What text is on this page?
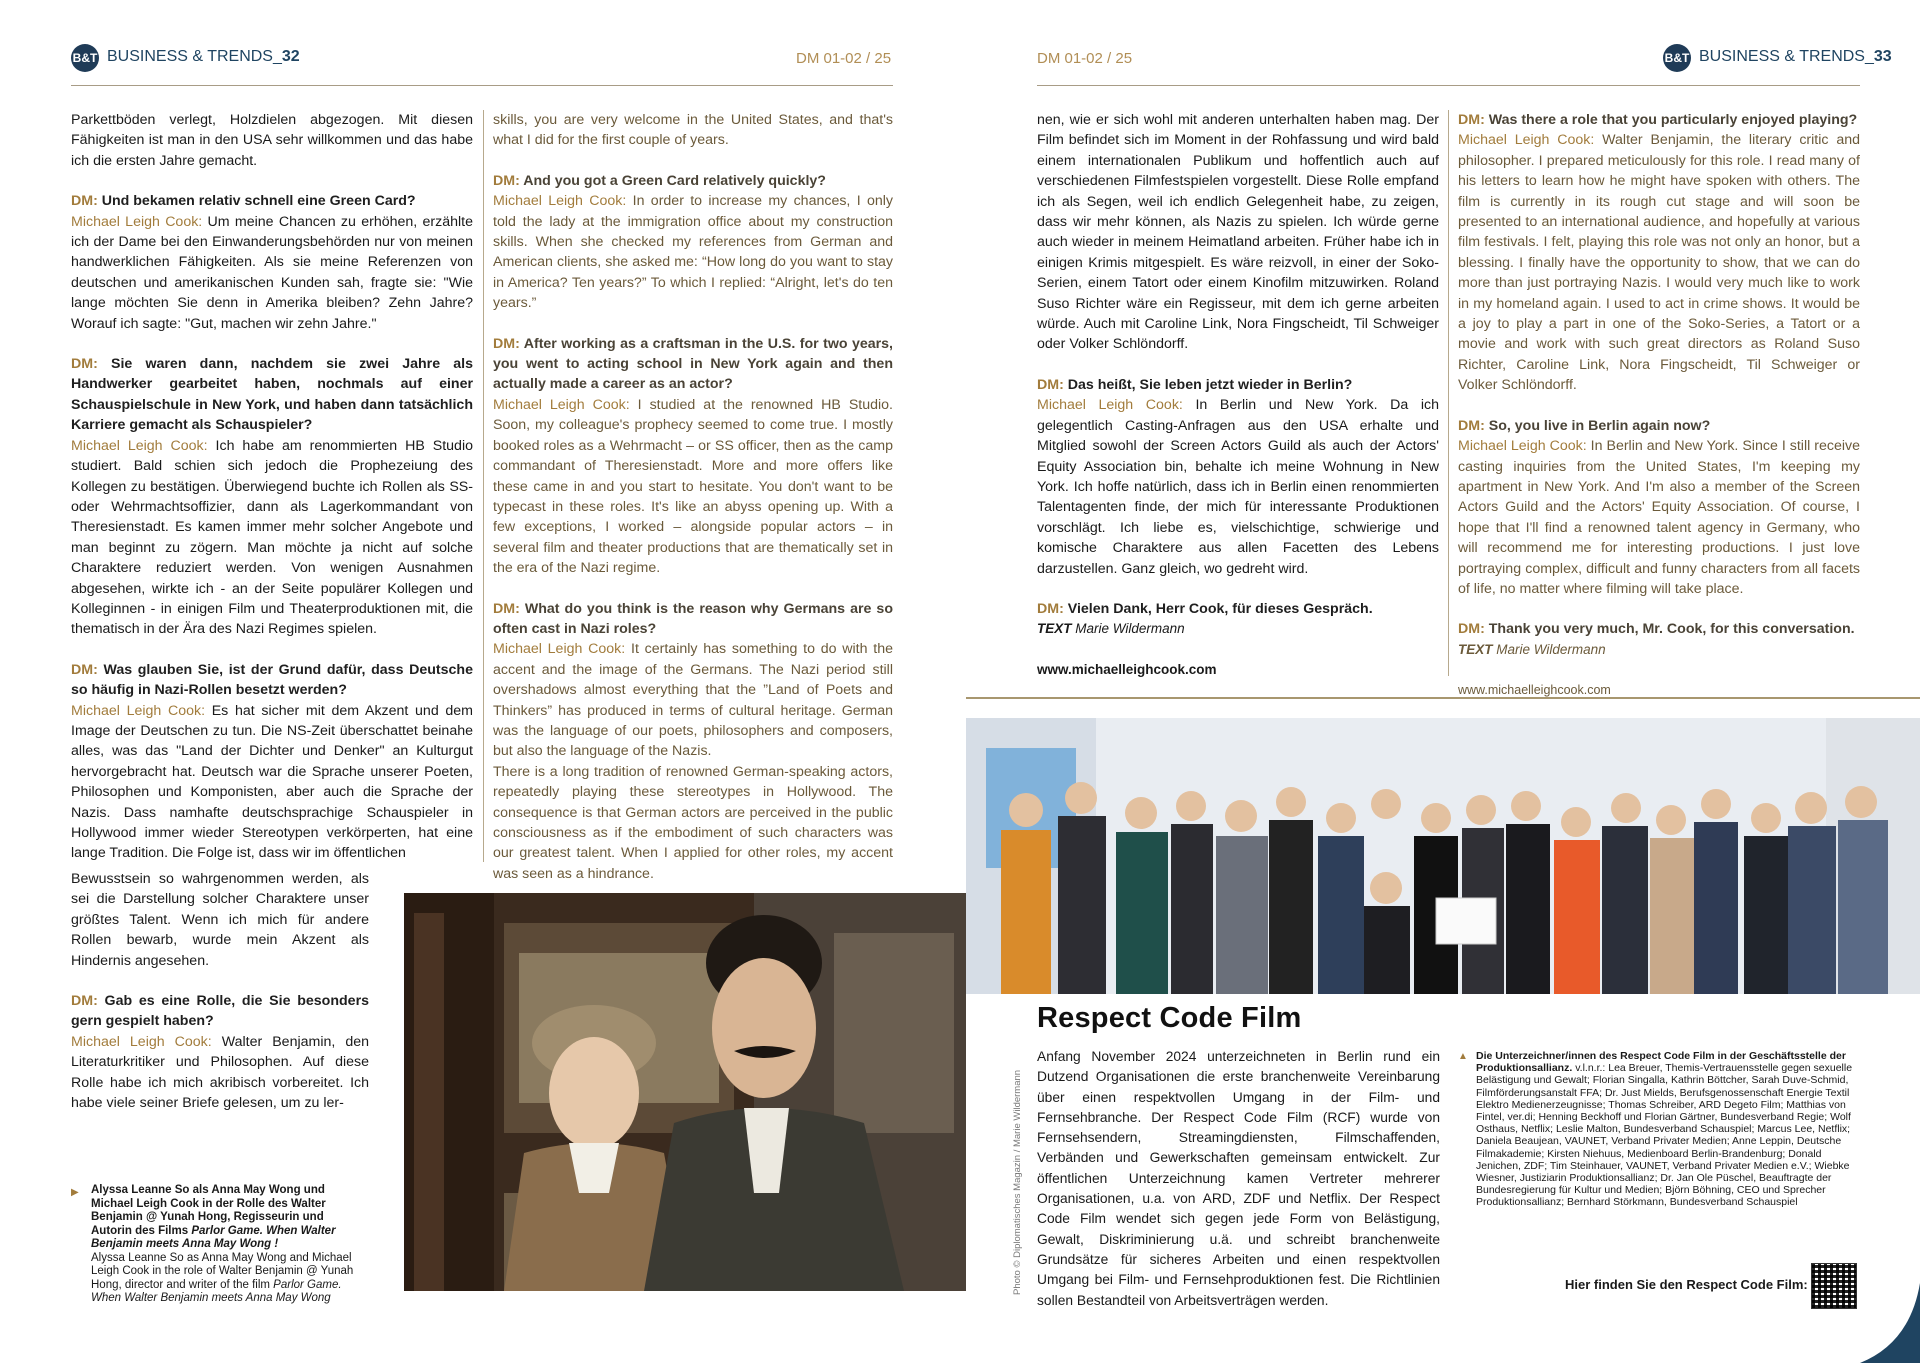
B&T BUSINESS & TRENDS_32	DM 01-02 / 25	DM 01-02 / 25	B&T BUSINESS & TRENDS_33

Parkettböden verlegt, Holzdielen abgezogen. Mit diesen Fähigkeiten ist man in den USA sehr willkommen und das habe ich die ersten Jahre gemacht.

DM: Und bekamen relativ schnell eine Green Card?

Michael Leigh Cook: Um meine Chancen zu erhöhen, erzählte ich der Dame bei den Einwanderungsbehörden nur von meinen handwerklichen Fähigkeiten. Als sie meine Referenzen von deutschen und amerikanischen Kunden sah, fragte sie: "Wie lange möchten Sie denn in Amerika bleiben? Zehn Jahre? Worauf ich sagte: "Gut, machen wir zehn Jahre."

DM: Sie waren dann, nachdem sie zwei Jahre als Handwerker gearbeitet haben, nochmals auf einer Schauspielschule in New York, und haben dann tatsächlich Karriere gemacht als Schauspieler?

Michael Leigh Cook: Ich habe am renommierten HB Studio studiert. Bald schien sich jedoch die Prophezeiung des Kollegen zu bestätigen. Überwiegend buchte ich Rollen als SS- oder Wehrmachtsoffizier, dann als Lagerkommandant von Theresienstadt. Es kamen immer mehr solcher Angebote und man beginnt zu zögern. Man möchte ja nicht auf solche Charaktere reduziert werden. Von wenigen Ausnahmen abgesehen, wirkte ich - an der Seite populärer Kollegen und Kolleginnen - in einigen Film und Theaterproduktionen mit, die thematisch in der Ära des Nazi Regimes spielen.

DM: Was glauben Sie, ist der Grund dafür, dass Deutsche so häufig in Nazi-Rollen besetzt werden?

Michael Leigh Cook: Es hat sicher mit dem Akzent und dem Image der Deutschen zu tun. Die NS-Zeit überschattet beinahe alles, was das "Land der Dichter und Denker" an Kulturgut hervorgebracht hat. Deutsch war die Sprache unserer Poeten, Philosophen und Komponisten, aber auch die Sprache der Nazis. Dass namhafte deutschsprachige Schauspieler in Hollywood immer wieder Stereotypen verkörperten, hat eine lange Tradition. Die Folge ist, dass wir im öffentlichen

Bewusstsein so wahrgenommen werden, als sei die Darstellung solcher Charaktere unser größtes Talent. Wenn ich mich für andere Rollen bewarb, wurde mein Akzent als Hindernis angesehen.

DM: Gab es eine Rolle, die Sie besonders gern gespielt haben?

Michael Leigh Cook: Walter Benjamin, den Literaturkritiker und Philosophen. Auf diese Rolle habe ich mich akribisch vorbereitet. Ich habe viele seiner Briefe gelesen, um zu ler-

skills, you are very welcome in the United States, and that's what I did for the first couple of years.

DM: And you got a Green Card relatively quickly?

Michael Leigh Cook: In order to increase my chances, I only told the lady at the immigration office about my construction skills. When she checked my references from German and American clients, she asked me: “How long do you want to stay in America? Ten years?” To which I replied: “Alright, let's do ten years.”

DM: After working as a craftsman in the U.S. for two years, you went to acting school in New York again and then actually made a career as an actor?

Michael Leigh Cook: I studied at the renowned HB Studio. Soon, my colleague's prophecy seemed to come true. I mostly booked roles as a Wehrmacht – or SS officer, then as the camp commandant of Theresienstadt. More and more offers like these came in and you start to hesitate. You don't want to be typecast in these roles. It's like an abyss opening up. With a few exceptions, I worked – alongside popular actors – in several film and theater productions that are thematically set in the era of the Nazi regime.

DM: What do you think is the reason why Germans are so often cast in Nazi roles?

Michael Leigh Cook: It certainly has something to do with the accent and the image of the Germans. The Nazi period still overshadows almost everything that the ”Land of Poets and Thinkers” has produced in terms of cultural heritage. German was the language of our poets, philosophers and composers, but also the language of the Nazis.

There is a long tradition of renowned German-speaking actors, repeatedly playing these stereotypes in Hollywood. The consequence is that German actors are perceived in the public consciousness as if the embodiment of such characters was our greatest talent. When I applied for other roles, my accent was seen as a hindrance.

▶ Alyssa Leanne So als Anna May Wong und Michael Leigh Cook in der Rolle des Walter Benjamin @ Yunah Hong, Regisseurin und Autorin des Films Parlor Game. When Walter Benjamin meets Anna May Wong !
Alyssa Leanne So as Anna May Wong and Michael Leigh Cook in the role of Walter Benjamin @ Yunah Hong, director and writer of the film Parlor Game. When Walter Benjamin meets Anna May Wong

nen, wie er sich wohl mit anderen unterhalten haben mag. Der Film befindet sich im Moment in der Rohfassung und wird bald einem internationalen Publikum und hoffentlich auch auf verschiedenen Filmfestspielen vorgestellt. Diese Rolle empfand ich als Segen, weil ich endlich Gelegenheit habe, zu zeigen, dass wir mehr können, als Nazis zu spielen. Ich würde gerne auch wieder in meinem Heimatland arbeiten. Früher habe ich in einigen Krimis mitgespielt. Es wäre reizvoll, in einer der Soko-Serien, einem Tatort oder einem Kinofilm mitzuwirken. Roland Suso Richter wäre ein Regisseur, mit dem ich gerne arbeiten würde. Auch mit Caroline Link, Nora Fingscheidt, Til Schweiger oder Volker Schlöndorff.

DM: Das heißt, Sie leben jetzt wieder in Berlin?

Michael Leigh Cook: In Berlin und New York. Da ich gelegentlich Casting-Anfragen aus den USA erhalte und Mitglied sowohl der Screen Actors Guild als auch der Actors' Equity Association bin, behalte ich meine Wohnung in New York. Ich hoffe natürlich, dass ich in Berlin einen renommierten Talentagenten finde, der mich für interessante Produktionen vorschlägt. Ich liebe es, vielschichtige, schwierige und komische Charaktere aus allen Facetten des Lebens darzustellen. Ganz gleich, wo gedreht wird.

DM: Vielen Dank, Herr Cook, für dieses Gespräch.
TEXT Marie Wildermann
www.michaelleighcook.com
DM: Was there a role that you particularly enjoyed playing?

Michael Leigh Cook: Walter Benjamin, the literary critic and philosopher. I prepared meticulously for this role. I read many of his letters to learn how he might have spoken with others. The film is currently in its rough cut stage and will soon be presented to an international audience, and hopefully at various film festivals. I felt, playing this role was not only an honor, but a blessing. I finally have the opportunity to show, that we can do more than just portraying Nazis. I would very much like to work in my homeland again. I used to act in crime shows. It would be a joy to play a part in one of the Soko-Series, a Tatort or a movie and work with such great directors as Roland Suso Richter, Caroline Link, Nora Fingscheidt, Til Schweiger or Volker Schlöndorff.

DM: So, you live in Berlin again now?

Michael Leigh Cook: In Berlin and New York. Since I still receive casting inquiries from the United States, I'm keeping my apartment in New York. And I'm also a member of the Screen Actors Guild and the Actors' Equity Association. Of course, I hope that I'll find a renowned talent agency in Germany, who will recommend me for interesting productions. I just love portraying complex, difficult and funny characters from all facets of life, no matter where filming will take place.

DM: Thank you very much, Mr. Cook, for this conversation.
TEXT Marie Wildermann
www.michaelleighcook.com
Photo © Diplomatisches Magazin / Marie Wildermann
Respect Code Film
Anfang November 2024 unterzeichneten in Berlin rund ein Dutzend Organisationen die erste branchenweite Vereinbarung über einen respektvollen Umgang in der Film- und Fernsehbranche. Der Respect Code Film (RCF) wurde von Fernsehsendern, Streamingdiensten, Filmschaffenden, Verbänden und Gewerkschaften gemeinsam entwickelt. Zur öffentlichen Unterzeichnung kamen Vertreter mehrerer Organisationen, u.a. von ARD, ZDF und Netflix. Der Respect Code Film wendet sich gegen jede Form von Belästigung, Gewalt, Diskriminierung u.ä. und schreibt branchenweite Grundsätze für sicheres Arbeiten und einen respektvollen Umgang bei Film- und Fernsehproduktionen fest. Die Richtlinien sollen Bestandteil von Arbeitsverträgen werden.
▲ Die Unterzeichner/innen des Respect Code Film in der Geschäftsstelle der Produktionsallianz. v.l.n.r.: Lea Breuer, Themis-Vertrauensstelle gegen sexuelle Belästigung und Gewalt; Florian Singalla, Kathrin Böttcher, Sarah Duve-Schmid, Filmförderungsanstalt FFA; Dr. Just Mields, Berufsgenossenschaft Energie Textil Elektro Medienerzeugnisse; Thomas Schreiber, ARD Degeto Film; Matthias von Fintel, ver.di; Henning Beckhoff und Florian Gärtner, Bundesverband Regie; Wolf Osthaus, Netflix; Leslie Malton, Bundesverband Schauspiel; Marcus Lee, Netflix; Daniela Beaujean, VAUNET, Verband Privater Medien; Anne Leppin, Deutsche Filmakademie; Kirsten Niehuus, Medienboard Berlin-Brandenburg; Donald Jenichen, ZDF; Tim Steinhauer, VAUNET, Verband Privater Medien e.V.; Wiebke Wiesner, Justiziarin Produktionsallianz; Dr. Jan Ole Püschel, Beauftragte der Bundesregierung für Kultur und Medien; Björn Böhning, CEO und Sprecher Produktionsallianz; Bernhard Störkmann, Bundesverband Schauspiel
Hier finden Sie den Respect Code Film:
